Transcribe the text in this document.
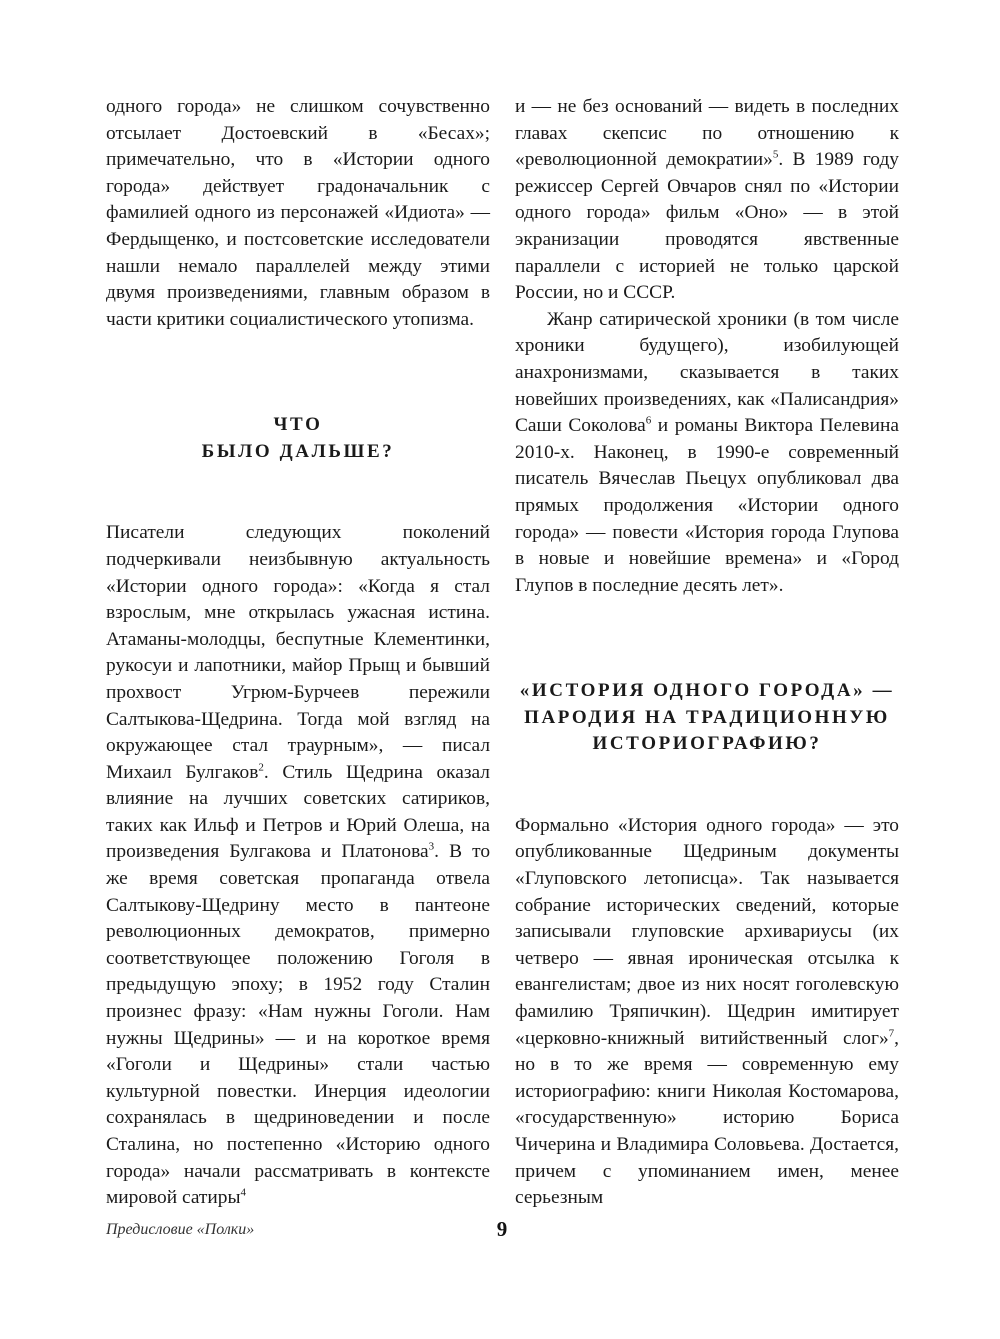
одного города» не слишком сочувственно отсылает Достоевский в «Бесах»; примечательно, что в «Истории одного города» действует градоначальник с фамилией одного из персонажей «Идиота» — Фердыщенко, и постсоветские исследователи нашли немало параллелей между этими двумя произведениями, главным образом в части критики социалистического утопизма.

ЧТО
БЫЛО ДАЛЬШЕ?

Писатели следующих поколений подчеркивали неизбывную актуальность «Истории одного города»: «Когда я стал взрослым, мне открылась ужасная истина. Атаманы-молодцы, беспутные Клементинки, рукосуи и лапотники, майор Прыщ и бывший прохвост Угрюм-Бурчеев пережили Салтыкова-Щедрина. Тогда мой взгляд на окружающее стал траурным», — писал Михаил Булгаков$^2$. Стиль Щедрина оказал влияние на лучших советских сатириков, таких как Ильф и Петров и Юрий Олеша, на произведения Булгакова и Платонова$^3$. В то же время советская пропаганда отвела Салтыкову-Щедрину место в пантеоне революционных демократов, примерно соответствующее положению Гоголя в предыдущую эпоху; в 1952 году Сталин произнес фразу: «Нам нужны Гоголи. Нам нужны Щедрины» — и на короткое время «Гоголи и Щедрины» стали частью культурной повестки. Инерция идеологии сохранялась в щедриноведении и после Сталина, но постепенно «Историю одного города» начали рассматривать в контексте мировой сатиры$^4$

и — не без оснований — видеть в последних главах скепсис по отношению к «революционной демократии»$^5$. В 1989 году режиссер Сергей Овчаров снял по «Истории одного города» фильм «Оно» — в этой экранизации проводятся явственные параллели с историей не только царской России, но и СССР.

Жанр сатирической хроники (в том числе хроники будущего), изобилующей анахронизмами, сказывается в таких новейших произведениях, как «Палисандрия» Саши Соколова$^6$ и романы Виктора Пелевина 2010-х. Наконец, в 1990-е современный писатель Вячеслав Пьецух опубликовал два прямых продолжения «Истории одного города» — повести «История города Глупова в новые и новейшие времена» и «Город Глупов в последние десять лет».

«ИСТОРИЯ ОДНОГО ГОРОДА» —
ПАРОДИЯ НА ТРАДИЦИОННУЮ
ИСТОРИОГРАФИЮ?

Формально «История одного города» — это опубликованные Щедриным документы «Глуповского летописца». Так называется собрание исторических сведений, которые записывали глуповские архивариусы (их четверо — явная ироническая отсылка к евангелистам; двое из них носят гоголевскую фамилию Тряпичкин). Щедрин имитирует «церковно-книжный витийственный слог»$^7$, но в то же время — современную ему историографию: книги Николая Костомарова, «государственную» историю Бориса Чичерина и Владимира Соловьева. Достается, причем с упоминанием имен, менее серьезным

Предисловие «Полки»	9
